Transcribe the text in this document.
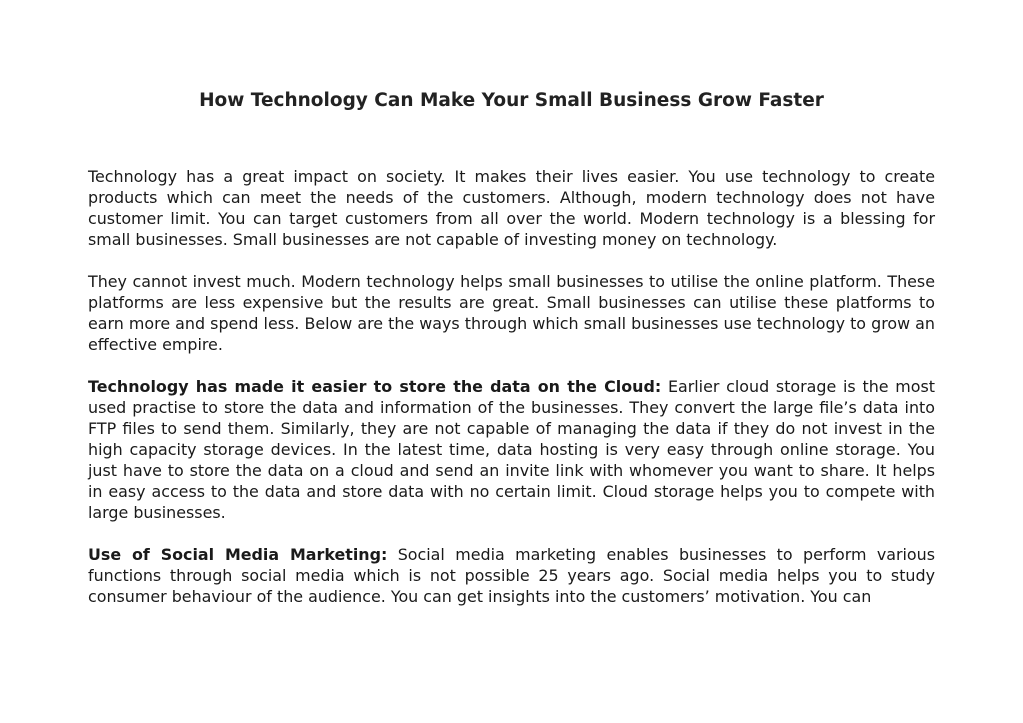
How Technology Can Make Your Small Business Grow Faster

Technology has a great impact on society. It makes their lives easier. You use technology to create products which can meet the needs of the customers. Although, modern technology does not have customer limit. You can target customers from all over the world. Modern technology is a blessing for small businesses. Small businesses are not capable of investing money on technology.

They cannot invest much. Modern technology helps small businesses to utilise the online platform. These platforms are less expensive but the results are great. Small businesses can utilise these platforms to earn more and spend less. Below are the ways through which small businesses use technology to grow an effective empire.

Technology has made it easier to store the data on the Cloud: Earlier cloud storage is the most used practise to store the data and information of the businesses. They convert the large file’s data into FTP files to send them. Similarly, they are not capable of managing the data if they do not invest in the high capacity storage devices. In the latest time, data hosting is very easy through online storage. You just have to store the data on a cloud and send an invite link with whomever you want to share. It helps in easy access to the data and store data with no certain limit. Cloud storage helps you to compete with large businesses.

Use of Social Media Marketing: Social media marketing enables businesses to perform various functions through social media which is not possible 25 years ago. Social media helps you to study consumer behaviour of the audience. You can get insights into the customers’ motivation. You can
